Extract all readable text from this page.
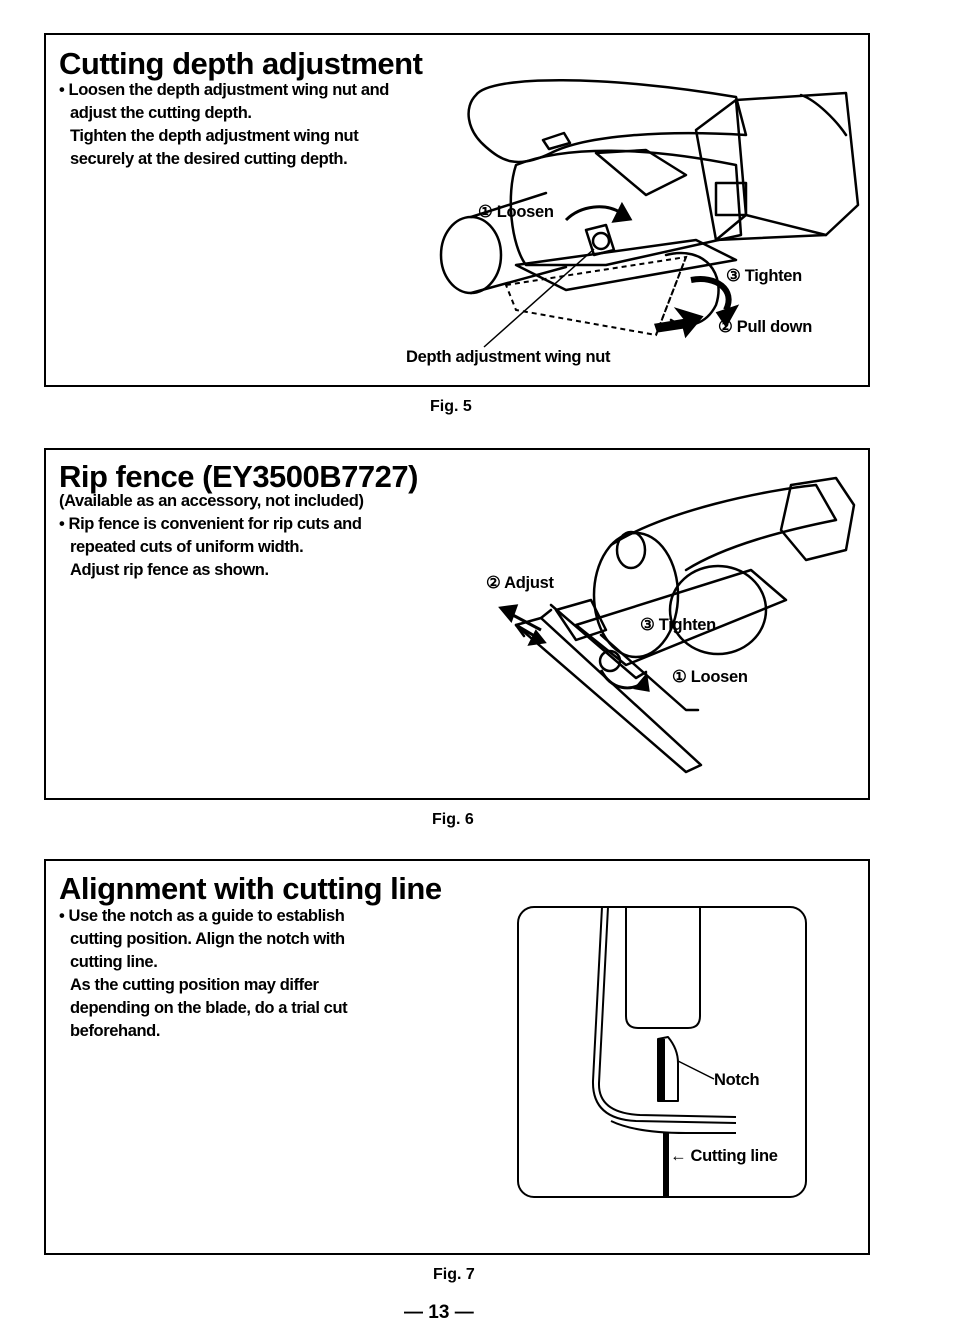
Cutting depth adjustment
• Loosen the depth adjustment wing nut and
adjust the cutting depth.
Tighten the depth adjustment wing nut
securely at the desired cutting depth.
① Loosen
③ Tighten
② Pull down
Depth adjustment wing nut
Fig. 5
Rip fence (EY3500B7727)
(Available as an accessory, not included)
• Rip fence is convenient for rip cuts and
repeated cuts of uniform width.
Adjust rip fence as shown.
② Adjust
③ Tighten
① Loosen
Fig. 6
Alignment with cutting line
• Use the notch as a guide to establish
cutting position. Align the notch with
cutting line.
As the cutting position may differ
depending on the blade, do a trial cut
beforehand.
Notch
← Cutting line
Fig. 7
— 13 —
